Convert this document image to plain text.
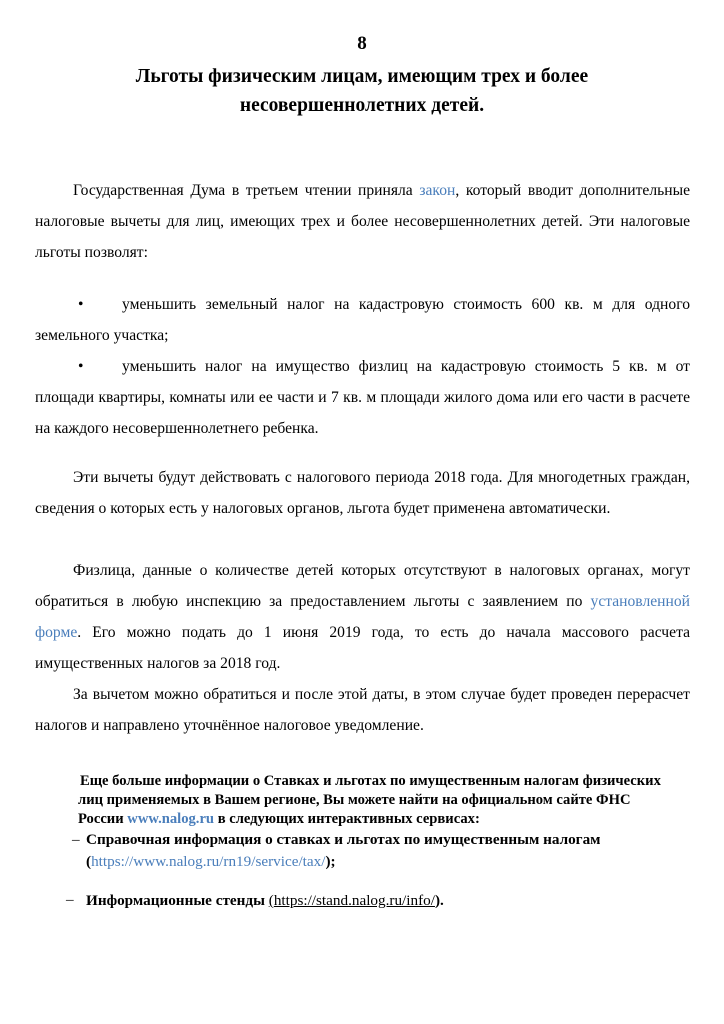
8
Льготы физическим лицам, имеющим трех и более
несовершеннолетних детей.
Государственная Дума в третьем чтении приняла закон, который вводит дополнительные налоговые вычеты для лиц, имеющих трех и более несовершеннолетних детей. Эти налоговые льготы позволят:
• уменьшить земельный налог на кадастровую стоимость 600 кв. м для одного земельного участка;
• уменьшить налог на имущество физлиц на кадастровую стоимость 5 кв. м от площади квартиры, комнаты или ее части и 7 кв. м площади жилого дома или его части в расчете на каждого несовершеннолетнего ребенка.
Эти вычеты будут действовать с налогового периода 2018 года. Для многодетных граждан, сведения о которых есть у налоговых органов, льгота будет применена автоматически.
Физлица, данные о количестве детей которых отсутствуют в налоговых органах, могут обратиться в любую инспекцию за предоставлением льготы с заявлением по установленной форме. Его можно подать до 1 июня 2019 года, то есть до начала массового расчета имущественных налогов за 2018 год.
За вычетом можно обратиться и после этой даты, в этом случае будет проведен перерасчет налогов и направлено уточнённое налоговое уведомление.
Еще больше информации о Ставках и льготах по имущественным налогам физических лиц применяемых в Вашем регионе, Вы можете найти на официальном сайте ФНС России www.nalog.ru в следующих интерактивных сервисах:
– Справочная информация о ставках и льготах по имущественным налогам
(https://www.nalog.ru/rn19/service/tax/);
– Информационные стенды (https://stand.nalog.ru/info/).
